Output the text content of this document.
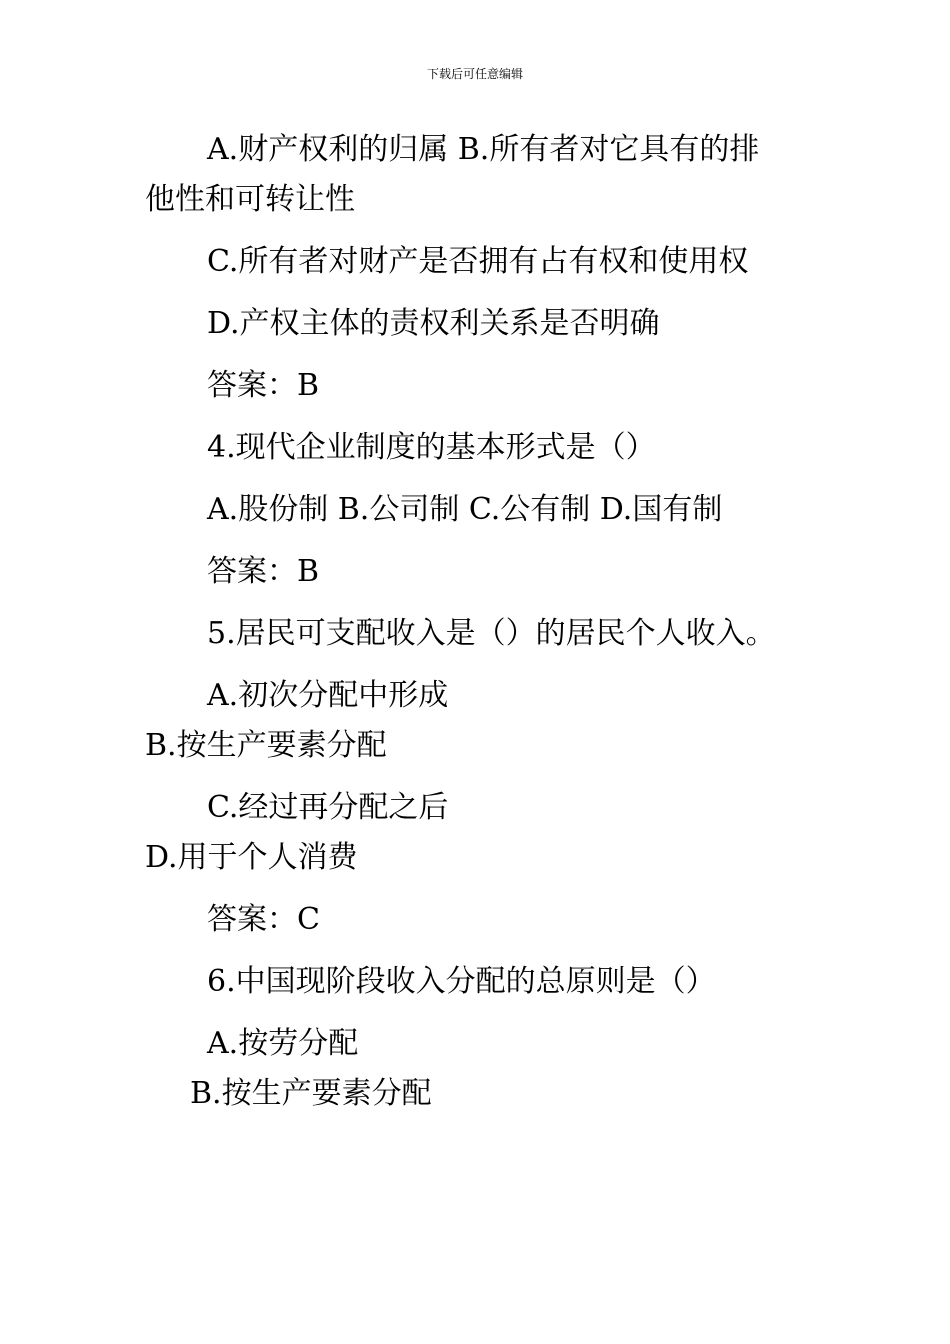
下载后可任意编辑
A.财产权利的归属 B.所有者对它具有的排
他性和可转让性
C.所有者对财产是否拥有占有权和使用权
D.产权主体的责权利关系是否明确
答案：B
4.现代企业制度的基本形式是（）
A.股份制 B.公司制 C.公有制 D.国有制
答案：B
5.居民可支配收入是（）的居民个人收入。
A.初次分配中形成
B.按生产要素分配
C.经过再分配之后
D.用于个人消费
答案：C
6.中国现阶段收入分配的总原则是（）
A.按劳分配
B.按生产要素分配
